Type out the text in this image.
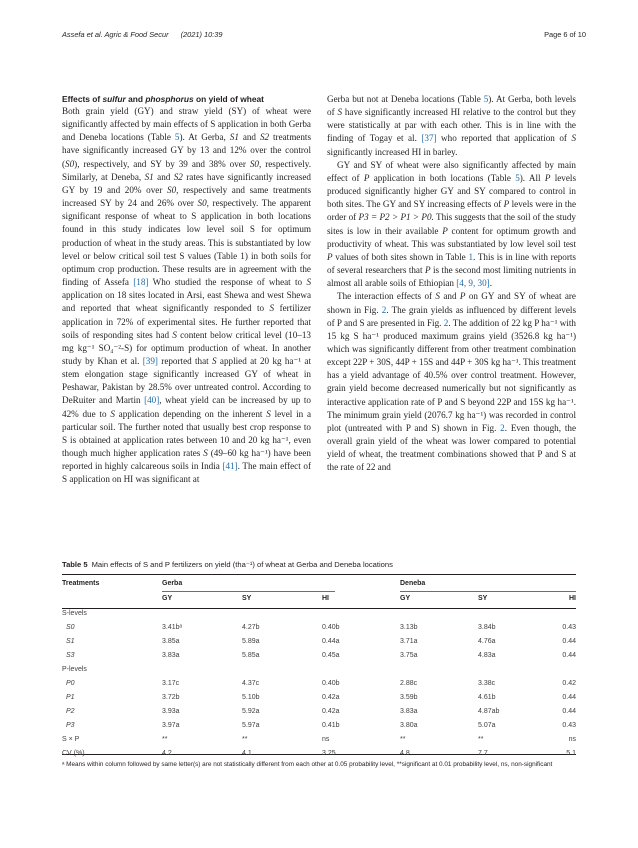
Assefa et al. Agric & Food Secur (2021) 10:39	Page 6 of 10

Effects of sulfur and phosphorus on yield of wheat

Both grain yield (GY) and straw yield (SY) of wheat were significantly affected by main effects of S application in both Gerba and Deneba locations (Table 5). At Gerba, S1 and S2 treatments have significantly increased GY by 13 and 12% over the control (S0), respectively, and SY by 39 and 38% over S0, respectively. Similarly, at Deneba, S1 and S2 rates have significantly increased GY by 19 and 20% over S0, respectively and same treatments increased SY by 24 and 26% over S0, respectively. The apparent significant response of wheat to S application in both locations found in this study indicates low level soil S for optimum production of wheat in the study areas. This is substantiated by low level or below critical soil test S values (Table 1) in both soils for optimum crop production. These results are in agreement with the finding of Assefa [18] Who studied the response of wheat to S application on 18 sites located in Arsi, east Shewa and west Shewa and reported that wheat significantly responded to S fertilizer application in 72% of experimental sites. He further reported that soils of responding sites had S content below critical level (10–13 mg kg⁻¹ SO₄⁻²-S) for optimum production of wheat. In another study by Khan et al. [39] reported that S applied at 20 kg ha⁻¹ at stem elongation stage significantly increased GY of wheat in Peshawar, Pakistan by 28.5% over untreated control. According to DeRuiter and Martin [40], wheat yield can be increased by up to 42% due to S application depending on the inherent S level in a particular soil. The further noted that usually best crop response to S is obtained at application rates between 10 and 20 kg ha⁻¹, even though much higher application rates S (49–60 kg ha⁻¹) have been reported in highly calcareous soils in India [41]. The main effect of S application on HI was significant at

Gerba but not at Deneba locations (Table 5). At Gerba, both levels of S have significantly increased HI relative to the control but they were statistically at par with each other. This is in line with the finding of Togay et al. [37] who reported that application of S significantly increased HI in barley.

GY and SY of wheat were also significantly affected by main effect of P application in both locations (Table 5). All P levels produced significantly higher GY and SY compared to control in both sites. The GY and SY increasing effects of P levels were in the order of P3 = P2 > P1 > P0. This suggests that the soil of the study sites is low in their available P content for optimum growth and productivity of wheat. This was substantiated by low level soil test P values of both sites shown in Table 1. This is in line with reports of several researchers that P is the second most limiting nutrients in almost all arable soils of Ethiopian [4, 9, 30].

The interaction effects of S and P on GY and SY of wheat are shown in Fig. 2. The grain yields as influenced by different levels of P and S are presented in Fig. 2. The addition of 22 kg P ha⁻¹ with 15 kg S ha⁻¹ produced maximum grains yield (3526.8 kg ha⁻¹) which was significantly different from other treatment combination except 22P + 30S, 44P + 15S and 44P + 30S kg ha⁻¹. This treatment has a yield advantage of 40.5% over control treatment. However, grain yield become decreased numerically but not significantly as interactive application rate of P and S beyond 22P and 15S kg ha⁻¹. The minimum grain yield (2076.7 kg ha⁻¹) was recorded in control plot (untreated with P and S) shown in Fig. 2. Even though, the overall grain yield of the wheat was lower compared to potential yield of wheat, the treatment combinations showed that P and S at the rate of 22 and

Table 5 Main effects of S and P fertilizers on yield (tha⁻¹) of wheat at Gerba and Deneba locations
Treatments	Gerba			Deneba		
	GY	SY	HI	GY	SY	HI
S-levels						
S0	3.41bᵃ	4.27b	0.40b	3.13b	3.84b	0.43
S1	3.85a	5.89a	0.44a	3.71a	4.76a	0.44
S3	3.83a	5.85a	0.45a	3.75a	4.83a	0.44
P-levels						
P0	3.17c	4.37c	0.40b	2.88c	3.38c	0.42
P1	3.72b	5.10b	0.42a	3.59b	4.61b	0.44
P2	3.93a	5.92a	0.42a	3.83a	4.87ab	0.44
P3	3.97a	5.97a	0.41b	3.80a	5.07a	0.43
S × P	**	**	ns	**	**	ns
CV (%)	4.2	4.1	3.25	4.8	7.7	5.1
ᵃ Means within column followed by same letter(s) are not statistically different from each other at 0.05 probability level, **significant at 0.01 probability level, ns, non-significant
